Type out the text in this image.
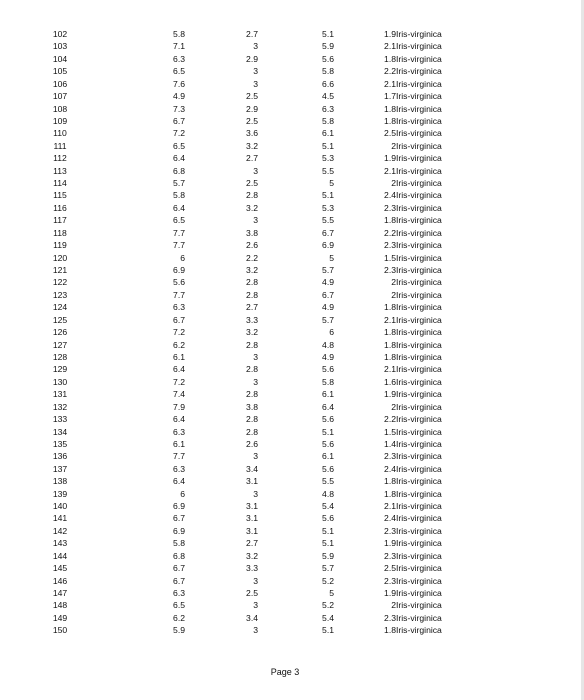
102	5.8	2.7	5.1	1.9	Iris-virginica
103	7.1	3	5.9	2.1	Iris-virginica
104	6.3	2.9	5.6	1.8	Iris-virginica
105	6.5	3	5.8	2.2	Iris-virginica
106	7.6	3	6.6	2.1	Iris-virginica
107	4.9	2.5	4.5	1.7	Iris-virginica
108	7.3	2.9	6.3	1.8	Iris-virginica
109	6.7	2.5	5.8	1.8	Iris-virginica
110	7.2	3.6	6.1	2.5	Iris-virginica
111	6.5	3.2	5.1	2	Iris-virginica
112	6.4	2.7	5.3	1.9	Iris-virginica
113	6.8	3	5.5	2.1	Iris-virginica
114	5.7	2.5	5	2	Iris-virginica
115	5.8	2.8	5.1	2.4	Iris-virginica
116	6.4	3.2	5.3	2.3	Iris-virginica
117	6.5	3	5.5	1.8	Iris-virginica
118	7.7	3.8	6.7	2.2	Iris-virginica
119	7.7	2.6	6.9	2.3	Iris-virginica
120	6	2.2	5	1.5	Iris-virginica
121	6.9	3.2	5.7	2.3	Iris-virginica
122	5.6	2.8	4.9	2	Iris-virginica
123	7.7	2.8	6.7	2	Iris-virginica
124	6.3	2.7	4.9	1.8	Iris-virginica
125	6.7	3.3	5.7	2.1	Iris-virginica
126	7.2	3.2	6	1.8	Iris-virginica
127	6.2	2.8	4.8	1.8	Iris-virginica
128	6.1	3	4.9	1.8	Iris-virginica
129	6.4	2.8	5.6	2.1	Iris-virginica
130	7.2	3	5.8	1.6	Iris-virginica
131	7.4	2.8	6.1	1.9	Iris-virginica
132	7.9	3.8	6.4	2	Iris-virginica
133	6.4	2.8	5.6	2.2	Iris-virginica
134	6.3	2.8	5.1	1.5	Iris-virginica
135	6.1	2.6	5.6	1.4	Iris-virginica
136	7.7	3	6.1	2.3	Iris-virginica
137	6.3	3.4	5.6	2.4	Iris-virginica
138	6.4	3.1	5.5	1.8	Iris-virginica
139	6	3	4.8	1.8	Iris-virginica
140	6.9	3.1	5.4	2.1	Iris-virginica
141	6.7	3.1	5.6	2.4	Iris-virginica
142	6.9	3.1	5.1	2.3	Iris-virginica
143	5.8	2.7	5.1	1.9	Iris-virginica
144	6.8	3.2	5.9	2.3	Iris-virginica
145	6.7	3.3	5.7	2.5	Iris-virginica
146	6.7	3	5.2	2.3	Iris-virginica
147	6.3	2.5	5	1.9	Iris-virginica
148	6.5	3	5.2	2	Iris-virginica
149	6.2	3.4	5.4	2.3	Iris-virginica
150	5.9	3	5.1	1.8	Iris-virginica
Page 3
